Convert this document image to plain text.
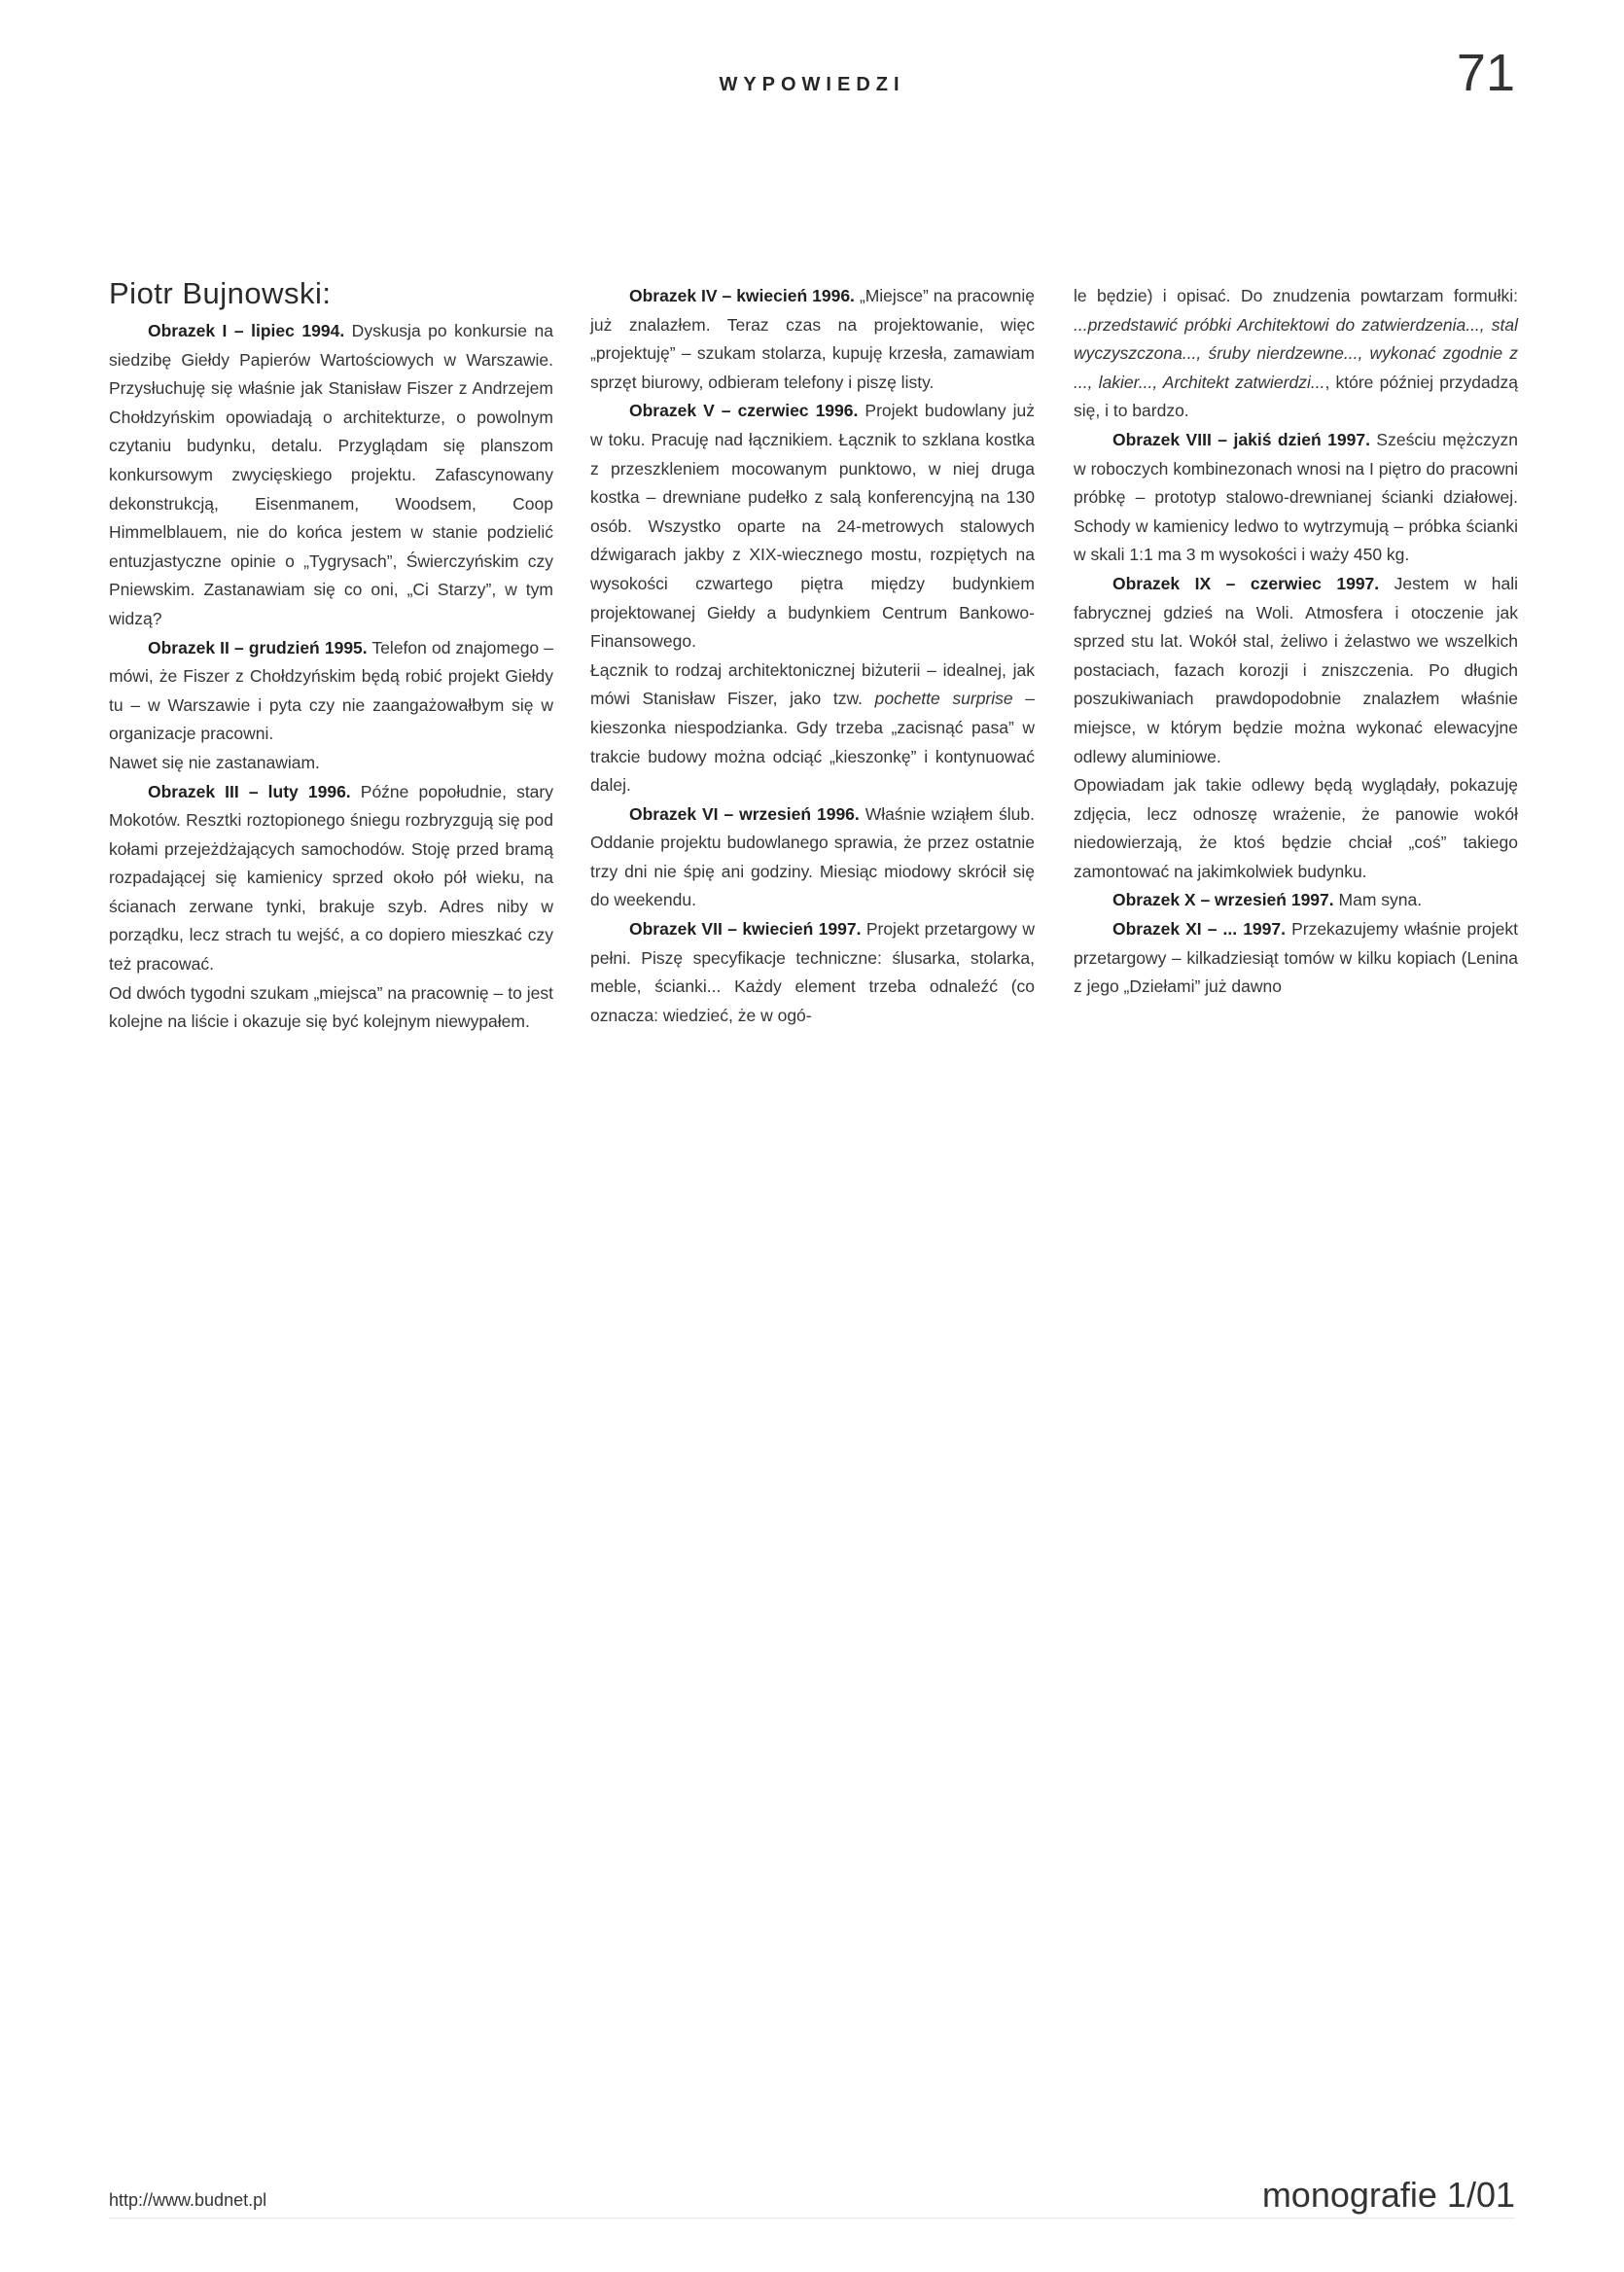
WYPOWIEDZI	71
Piotr Bujnowski:

Obrazek I – lipiec 1994. Dyskusja po konkursie na siedzibę Giełdy Papierów Wartościowych w Warszawie. Przysłuchuję się właśnie jak Stanisław Fiszer z Andrzejem Chołdzyńskim opowiadają o architekturze, o powolnym czytaniu budynku, detalu. Przyglądam się planszom konkursowym zwycięskiego projektu. Zafascynowany dekonstrukcją, Eisenmanem, Woodsem, Coop Himmelblauem, nie do końca jestem w stanie podzielić entuzjastyczne opinie o „Tygrysach”, Świerczyńskim czy Pniewskim. Zastanawiam się co oni, „Ci Starzy”, w tym widzą?

Obrazek II – grudzień 1995. Telefon od znajomego – mówi, że Fiszer z Chołdzyńskim będą robić projekt Giełdy tu – w Warszawie i pyta czy nie zaangażowałbym się w organizacje pracowni.

Nawet się nie zastanawiam.

Obrazek III – luty 1996. Późne popołudnie, stary Mokotów. Resztki roztopionego śniegu rozbryzgują się pod kołami przejeżdżających samochodów. Stoję przed bramą rozpadającej się kamienicy sprzed około pół wieku, na ścianach zerwane tynki, brakuje szyb. Adres niby w porządku, lecz strach tu wejść, a co dopiero mieszkać czy też pracować.

Od dwóch tygodni szukam „miejsca” na pracownię – to jest kolejne na liście i okazuje się być kolejnym niewypałem.

Obrazek IV – kwiecień 1996. „Miejsce” na pracownię już znalazłem. Teraz czas na projektowanie, więc „projektuję” – szukam stolarza, kupuję krzesła, zamawiam sprzęt biurowy, odbieram telefony i piszę listy.

Obrazek V – czerwiec 1996. Projekt budowlany już w toku. Pracuję nad łącznikiem. Łącznik to szklana kostka z przeszkleniem mocowanym punktowo, w niej druga kostka – drewniane pudełko z salą konferencyjną na 130 osób. Wszystko oparte na 24-metrowych stalowych dźwigarach jakby z XIX-wiecznego mostu, rozpiętych na wysokości czwartego piętra między budynkiem projektowanej Giełdy a budynkiem Centrum Bankowo-Finansowego.

Łącznik to rodzaj architektonicznej biżuterii – idealnej, jak mówi Stanisław Fiszer, jako tzw. pochette surprise – kieszonka niespodzianka. Gdy trzeba „zacisnąć pasa” w trakcie budowy można odciąć „kieszonkę” i kontynuować dalej.

Obrazek VI – wrzesień 1996. Właśnie wziąłem ślub. Oddanie projektu budowlanego sprawia, że przez ostatnie trzy dni nie śpię ani godziny. Miesiąc miodowy skrócił się do weekendu.

Obrazek VII – kwiecień 1997. Projekt przetargowy w pełni. Piszę specyfikacje techniczne: ślusarka, stolarka, meble, ścianki... Każdy element trzeba odnaleźć (co oznacza: wiedzieć, że w ogó-

le będzie) i opisać. Do znudzenia powtarzam formułki: ...przedstawić próbki Architektowi do zatwierdzenia..., stal wyczyszczona..., śruby nierdzewne..., wykonać zgodnie z ..., lakier..., Architekt zatwierdzi..., które później przydadzą się, i to bardzo.

Obrazek VIII – jakiś dzień 1997. Sześciu mężczyzn w roboczych kombinezonach wnosi na I piętro do pracowni próbkę – prototyp stalowo-drewnianej ścianki działowej. Schody w kamienicy ledwo to wytrzymują – próbka ścianki w skali 1:1 ma 3 m wysokości i waży 450 kg.

Obrazek IX – czerwiec 1997. Jestem w hali fabrycznej gdzieś na Woli. Atmosfera i otoczenie jak sprzed stu lat. Wokół stal, żeliwo i żelastwo we wszelkich postaciach, fazach korozji i zniszczenia. Po długich poszukiwaniach prawdopodobnie znalazłem właśnie miejsce, w którym będzie można wykonać elewacyjne odlewy aluminiowe.

Opowiadam jak takie odlewy będą wyglądały, pokazuję zdjęcia, lecz odnoszę wrażenie, że panowie wokół niedowierzają, że ktoś będzie chciał „coś” takiego zamontować na jakimkolwiek budynku.

Obrazek X – wrzesień 1997. Mam syna.

Obrazek XI – ... 1997. Przekazujemy właśnie projekt przetargowy – kilkadziesiąt tomów w kilku kopiach (Lenina z jego „Dziełami” już dawno

http://www.budnet.pl	monografie 1/01
